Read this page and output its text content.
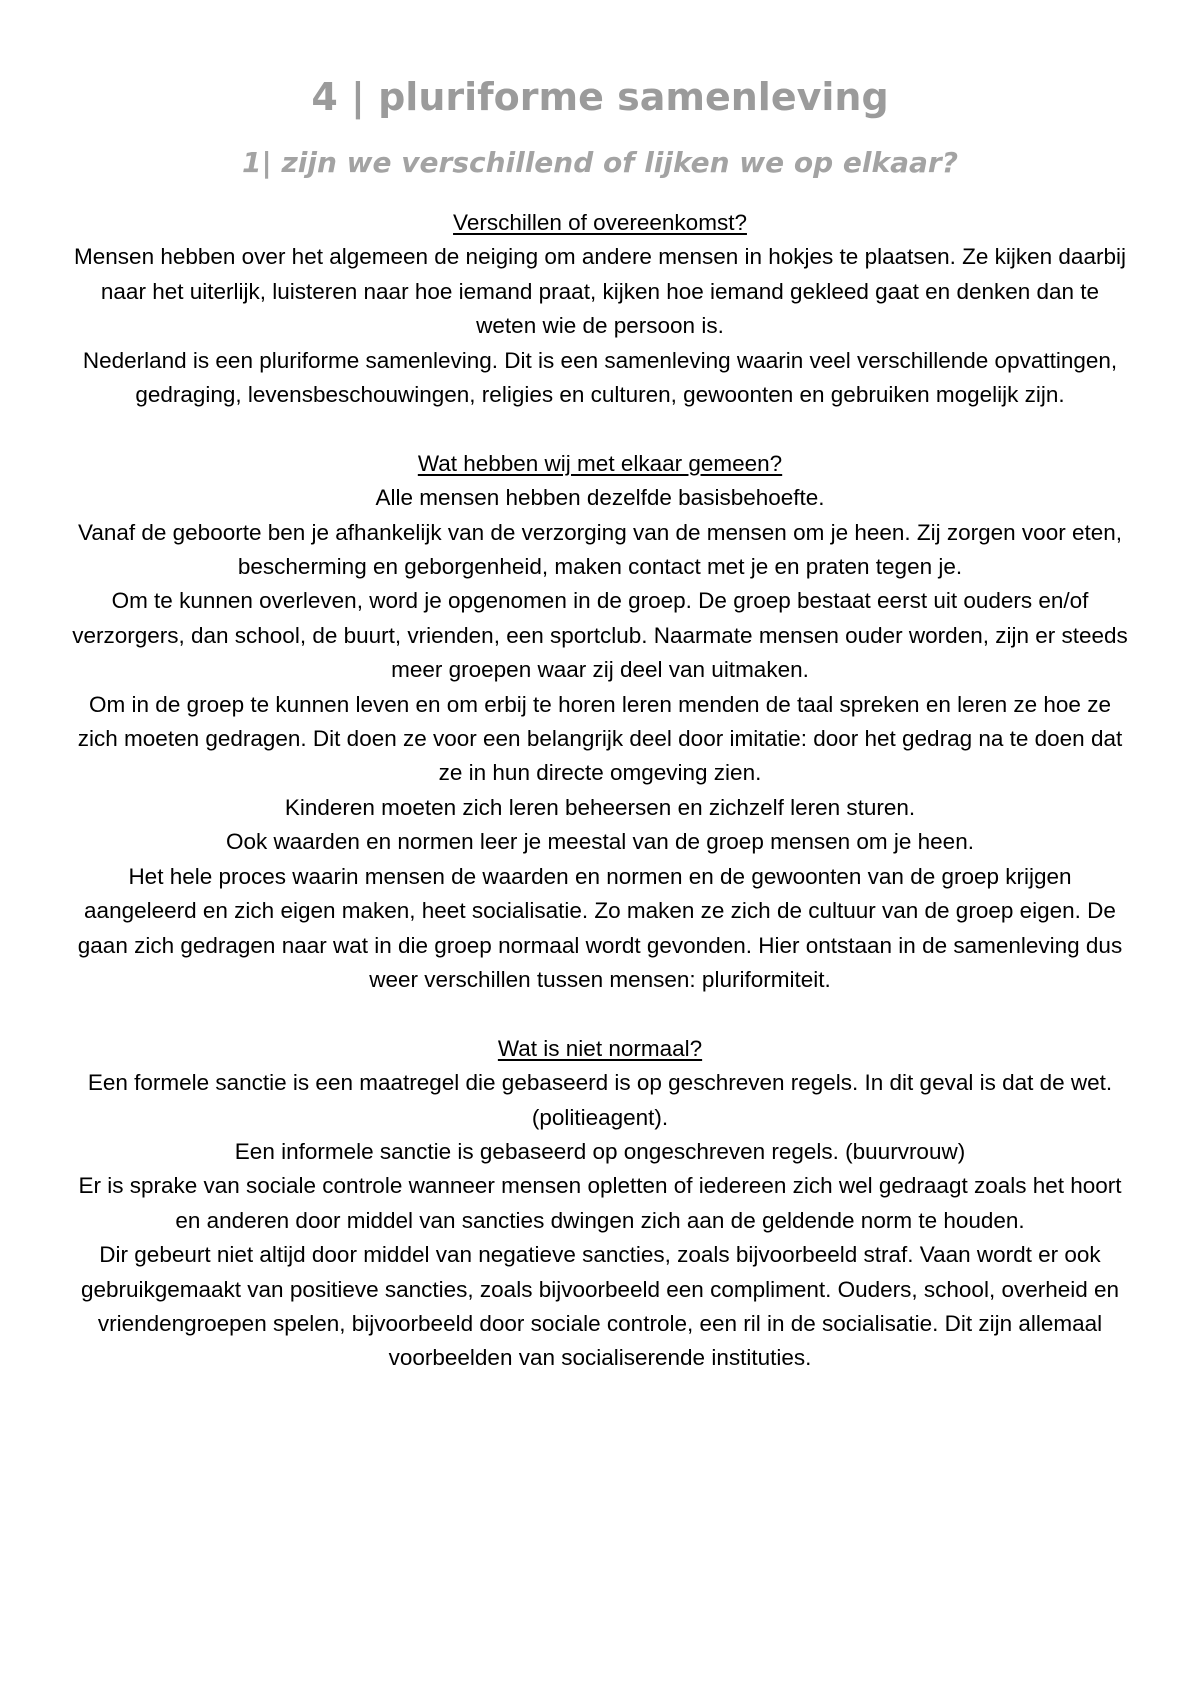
4 | pluriforme samenleving
1| zijn we verschillend of lijken we op elkaar?
Verschillen of overeenkomst?
Mensen hebben over het algemeen de neiging om andere mensen in hokjes te plaatsen. Ze kijken daarbij naar het uiterlijk, luisteren naar hoe iemand praat, kijken hoe iemand gekleed gaat en denken dan te weten wie de persoon is.
Nederland is een pluriforme samenleving. Dit is een samenleving waarin veel verschillende opvattingen, gedraging, levensbeschouwingen, religies en culturen, gewoonten en gebruiken mogelijk zijn.
Wat hebben wij met elkaar gemeen?
Alle mensen hebben dezelfde basisbehoefte.
Vanaf de geboorte ben je afhankelijk van de verzorging van de mensen om je heen. Zij zorgen voor eten, bescherming en geborgenheid, maken contact met je en praten tegen je.
Om te kunnen overleven, word je opgenomen in de groep. De groep bestaat eerst uit ouders en/of verzorgers, dan school, de buurt, vrienden, een sportclub. Naarmate mensen ouder worden, zijn er steeds meer groepen waar zij deel van uitmaken.
Om in de groep te kunnen leven en om erbij te horen leren menden de taal spreken en leren ze hoe ze zich moeten gedragen. Dit doen ze voor een belangrijk deel door imitatie: door het gedrag na te doen dat ze in hun directe omgeving zien.
Kinderen moeten zich leren beheersen en zichzelf leren sturen.
Ook waarden en normen leer je meestal van de groep mensen om je heen.
Het hele proces waarin mensen de waarden en normen en de gewoonten van de groep krijgen aangeleerd en zich eigen maken, heet socialisatie. Zo maken ze zich de cultuur van de groep eigen. De gaan zich gedragen naar wat in die groep normaal wordt gevonden. Hier ontstaan in de samenleving dus weer verschillen tussen mensen: pluriformiteit.
Wat is niet normaal?
Een formele sanctie is een maatregel die gebaseerd is op geschreven regels. In dit geval is dat de wet. (politieagent).
Een informele sanctie is gebaseerd op ongeschreven regels. (buurvrouw)
Er is sprake van sociale controle wanneer mensen opletten of iedereen zich wel gedraagt zoals het hoort en anderen door middel van sancties dwingen zich aan de geldende norm te houden.
Dir gebeurt niet altijd door middel van negatieve sancties, zoals bijvoorbeeld straf. Vaan wordt er ook gebruikgemaakt van positieve sancties, zoals bijvoorbeeld een compliment. Ouders, school, overheid en vriendengroepen spelen, bijvoorbeeld door sociale controle, een ril in de socialisatie. Dit zijn allemaal voorbeelden van socialiserende instituties.
